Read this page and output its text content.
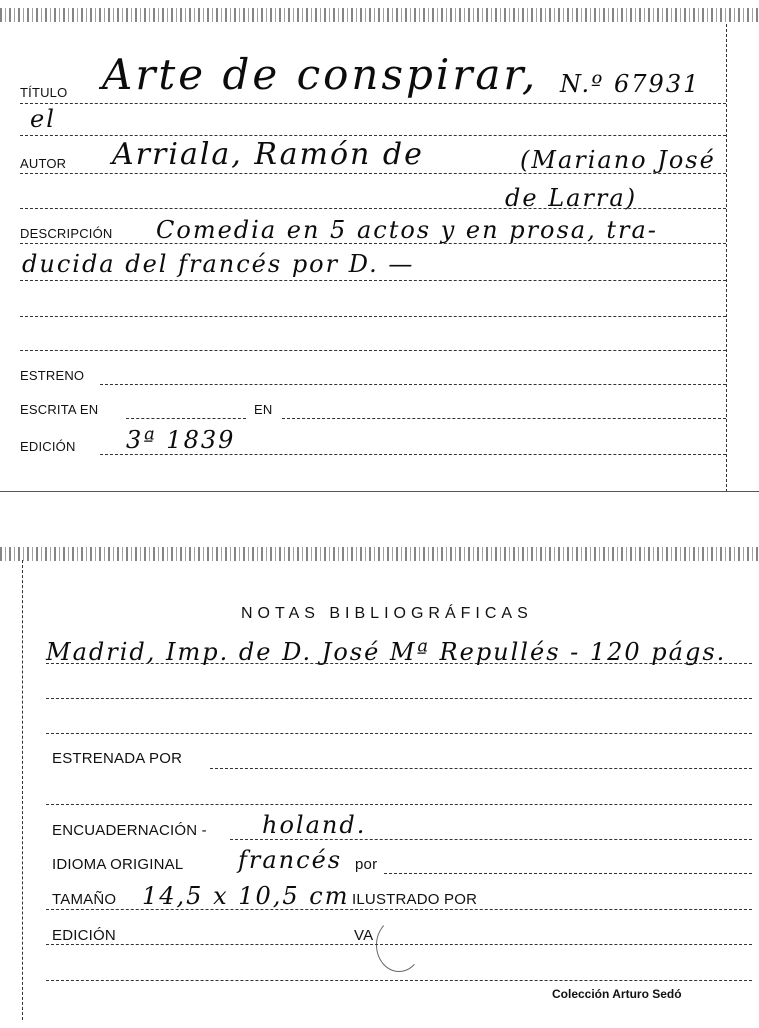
TÍTULO Arte de conspirar, N.º 67931
el
AUTOR Arriala, Ramón de	(Mariano José
de Larra)
DESCRIPCIÓN Comedia en 5 actos y en prosa, tra-
ducida del francés por D. —
ESTRENO
ESCRITA EN	EN
EDICIÓN 3ª 1839
NOTAS BIBLIOGRÁFICAS
Madrid, Imp. de D. José Mª Repullés - 120 págs.
ESTRENADA POR
ENCUADERNACIÓN - holand.
IDIOMA ORIGINAL francés por
TAMAÑO 14,5 x 10,5 cm ILUSTRADO POR
EDICIÓN	VA
Colección Arturo Sedó
